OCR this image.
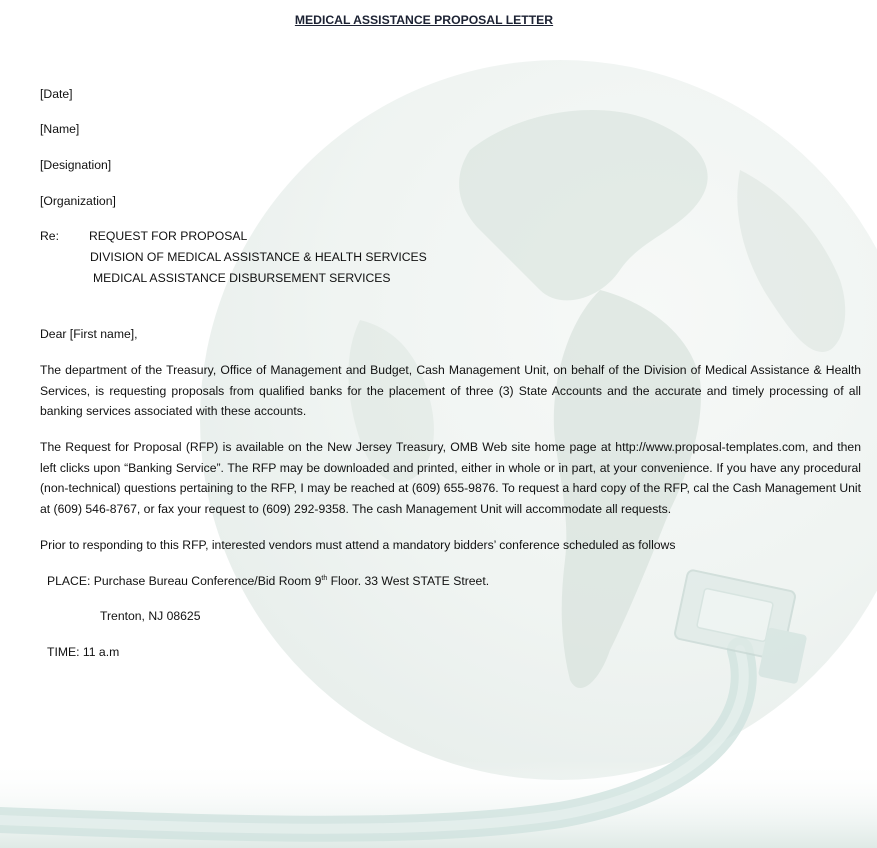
MEDICAL ASSISTANCE PROPOSAL LETTER
[Date]
[Name]
[Designation]
[Organization]
Re: REQUEST FOR PROPOSAL
DIVISION OF MEDICAL ASSISTANCE & HEALTH SERVICES
MEDICAL ASSISTANCE DISBURSEMENT SERVICES
Dear [First name],
The department of the Treasury, Office of Management and Budget, Cash Management Unit, on behalf of the Division of Medical Assistance & Health Services, is requesting proposals from qualified banks for the placement of three (3) State Accounts and the accurate and timely processing of all banking services associated with these accounts.
The Request for Proposal (RFP) is available on the New Jersey Treasury, OMB Web site home page at http://www.proposal-templates.com, and then left clicks upon “Banking Service”. The RFP may be downloaded and printed, either in whole or in part, at your convenience. If you have any procedural (non-technical) questions pertaining to the RFP, I may be reached at (609) 655-9876. To request a hard copy of the RFP, cal the Cash Management Unit at (609) 546-8767, or fax your request to (609) 292-9358. The cash Management Unit will accommodate all requests.
Prior to responding to this RFP, interested vendors must attend a mandatory bidders’ conference scheduled as follows
PLACE: Purchase Bureau Conference/Bid Room 9th Floor. 33 West STATE Street.
Trenton, NJ 08625
TIME: 11 a.m
